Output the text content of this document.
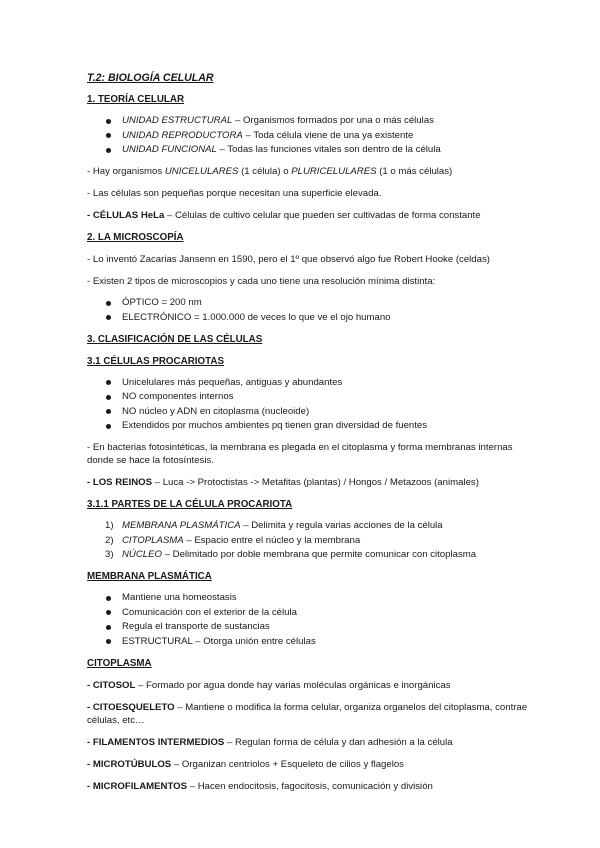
T.2: BIOLOGÍA CELULAR
1. TEORÍA CELULAR
UNIDAD ESTRUCTURAL – Organismos formados por una o más células
UNIDAD REPRODUCTORA – Toda célula viene de una ya existente
UNIDAD FUNCIONAL – Todas las funciones vitales son dentro de la célula

- Hay organismos UNICELULARES (1 célula) o PLURICELULARES (1 o más células)

- Las células son pequeñas porque necesitan una superficie elevada.

- CÉLULAS HeLa – Células de cultivo celular que pueden ser cultivadas de forma constante

2. LA MICROSCOPÍA

- Lo inventó Zacarias Jansenn en 1590, pero el 1º que observó algo fue Robert Hooke (celdas)

- Existen 2 tipos de microscopios y cada uno tiene una resolución mínima distinta:

ÓPTICO = 200 nm
ELECTRÓNICO = 1.000.000 de veces lo que ve el ojo humano
3. CLASIFICACIÓN DE LAS CÉLULAS
3.1 CÉLULAS PROCARIOTAS
Unicelulares más pequeñas, antiguas y abundantes
NO componentes internos
NO núcleo y ADN en citoplasma (nucleoide)
Extendidos por muchos ambientes pq tienen gran diversidad de fuentes

- En bacterias fotosintéticas, la membrana es plegada en el citoplasma y forma membranas internas donde se hace la fotosíntesis.

- LOS REINOS – Luca -> Protoctistas -> Metafitas (plantas) / Hongos / Metazoos (animales)

3.1.1 PARTES DE LA CÉLULA PROCARIOTA
1) MEMBRANA PLASMÁTICA – Delimita y regula varias acciones de la célula
2) CITOPLASMA – Espacio entre el núcleo y la membrana
3) NÚCLEO – Delimitado por doble membrana que permite comunicar con citoplasma
MEMBRANA PLASMÁTICA
Mantiene una homeostasis
Comunicación con el exterior de la célula
Regula el transporte de sustancias
ESTRUCTURAL – Otorga unión entre células
CITOPLASMA

- CITOSOL – Formado por agua donde hay varias moléculas orgánicas e inorgánicas

- CITOESQUELETO – Mantiene o modifica la forma celular, organiza organelos del citoplasma, contrae células, etc…

- FILAMENTOS INTERMEDIOS – Regulan forma de célula y dan adhesión a la célula

- MICROTÚBULOS – Organizan centriolos + Esqueleto de cilios y flagelos

- MICROFILAMENTOS – Hacen endocitosis, fagocitosis, comunicación y división
